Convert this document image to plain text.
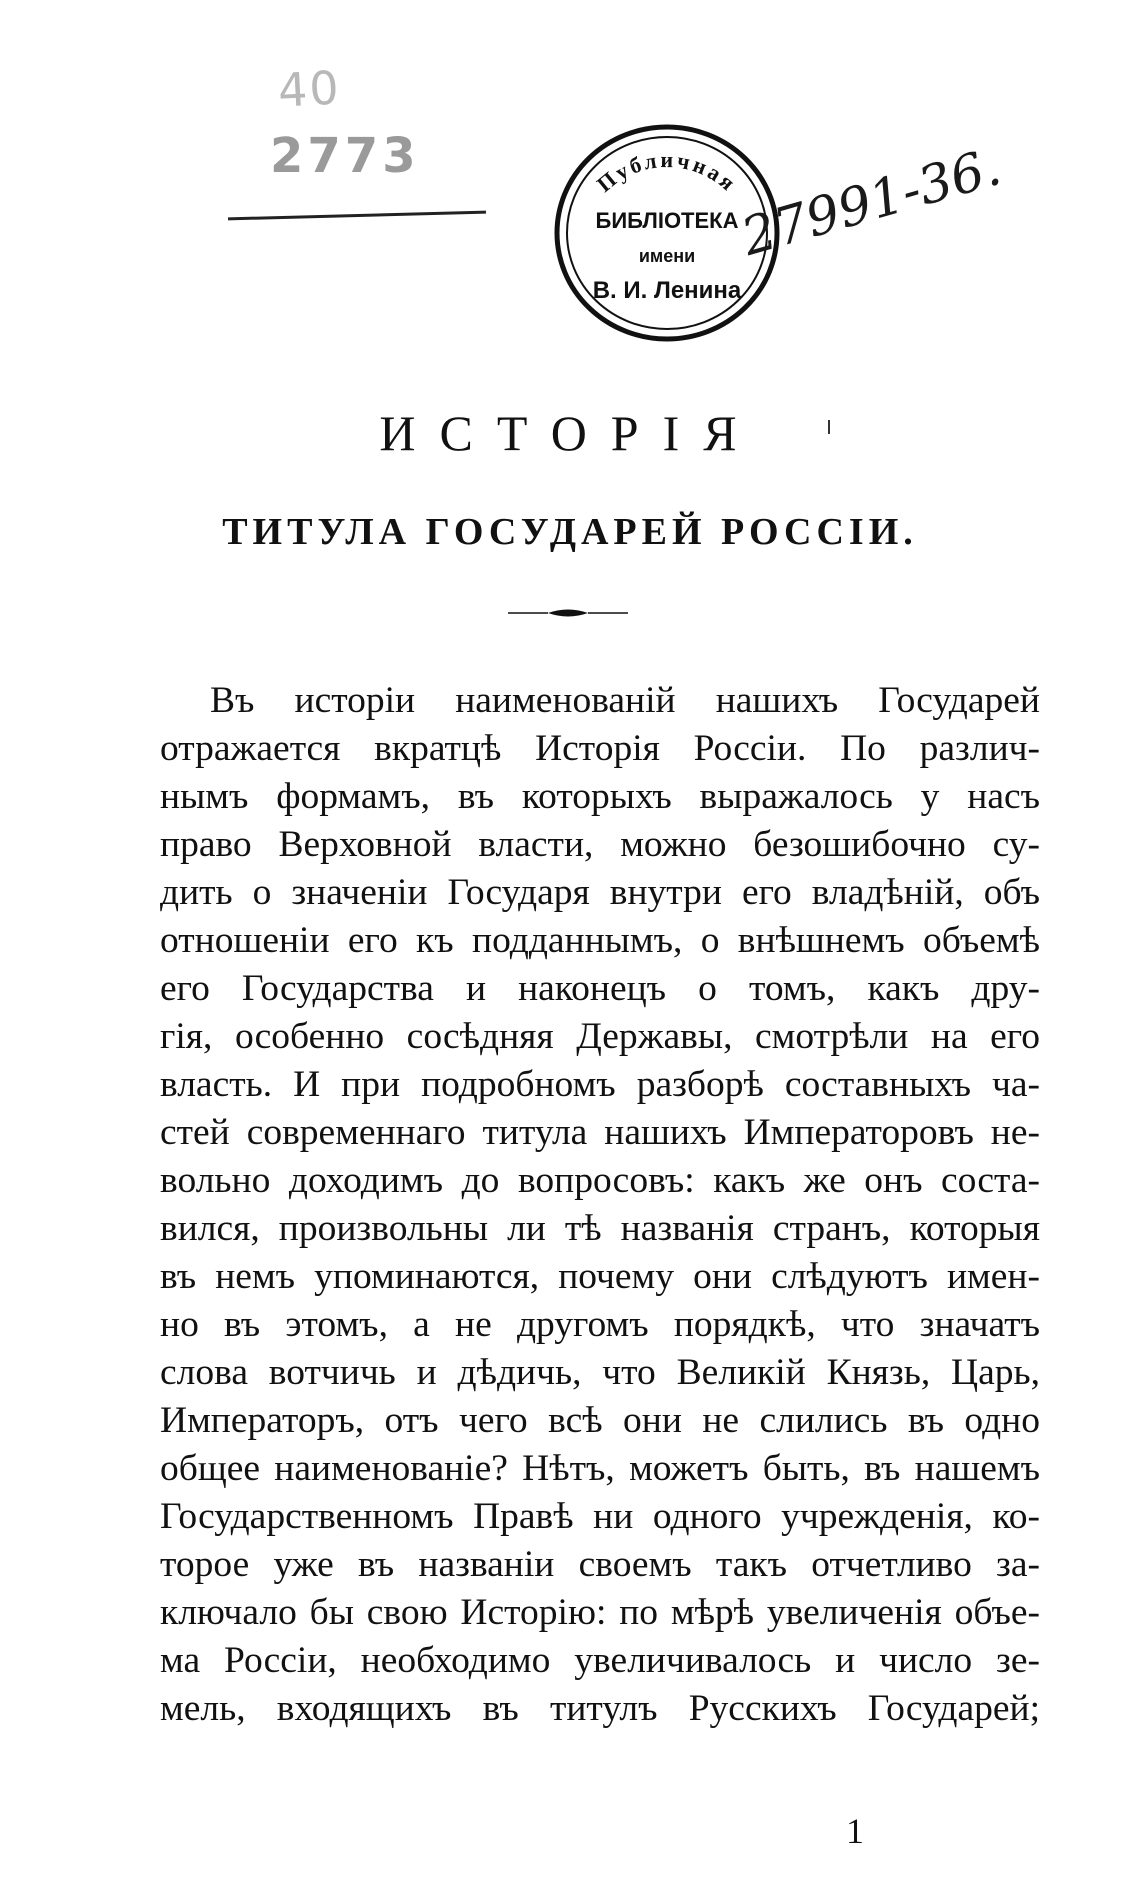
40
2773	Публичная
БИБЛІОТЕКА
имени
В. И. Ленина
27991-36.
ИСТОРІЯ
ТИТУЛА ГОСУДАРЕЙ РОССІИ.
Въ исторіи наименованій нашихъ Государей
отражается вкратцѣ Исторія Россіи. По различ-
нымъ формамъ, въ которыхъ выражалось у насъ
право Верховной власти, можно безошибочно су-
дить о значеніи Государя внутри его владѣній, объ
отношеніи его къ подданнымъ, о внѣшнемъ объемѣ
его Государства и наконецъ о томъ, какъ дру-
гія, особенно сосѣдняя Державы, смотрѣли на его
власть. И при подробномъ разборѣ составныхъ ча-
стей современнаго титула нашихъ Императоровъ не-
вольно доходимъ до вопросовъ: какъ же онъ соста-
вился, произвольны ли тѣ названія странъ, которыя
въ немъ упоминаются, почему они слѣдуютъ имен-
но въ этомъ, а не другомъ порядкѣ, что значатъ
слова вотчичь и дѣдичь, что Великій Князь, Царь,
Императоръ, отъ чего всѣ они не слились въ одно
общее наименованіе? Нѣтъ, можетъ быть, въ нашемъ
Государственномъ Правѣ ни одного учрежденія, ко-
торое уже въ названіи своемъ такъ отчетливо за-
ключало бы свою Исторію: по мѣрѣ увеличенія объе-
ма Россіи, необходимо увеличивалось и число зе-
мель, входящихъ въ титулъ Русскихъ Государей;
1
